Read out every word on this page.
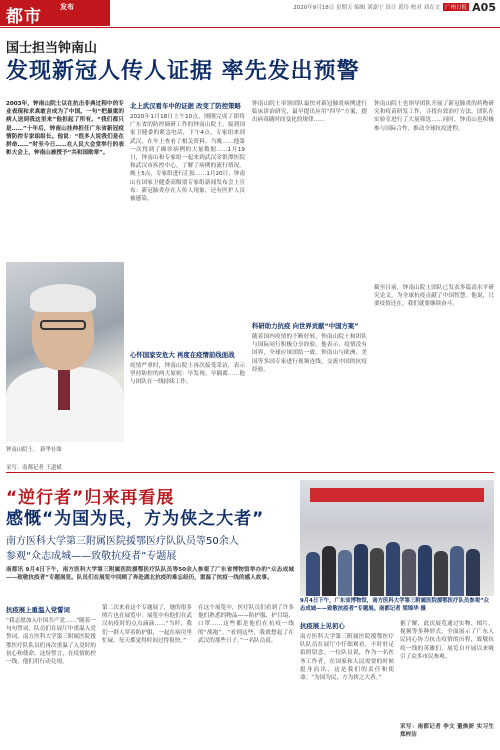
都市	发布	2020年9月18日 星期五 编辑 刘嘉宁 设计 黄玲 校对 刘育文 广州日报 A05
国士担当钟南山
发现新冠人传人证据 率先发出预警
2003年，钟南山院士以在抗击非典过程中的专业表现和求真敢言成为了中国。一句“把最重的病人送到我这里来”他担起了所有。“我们都只是……”十年后，钟南山挂帅担任广东省新冠疫情防控专家组组长。他说：“很多人说我们是在拼命……”时至今日……在人民大会堂举行的表彰大会上，钟南山被授予“共和国勋章”。
钟南山院士。 新华社图
采写：南都记者 王道斌
北上武汉看车中的证据 改变了防控策略
2020年1月18日上午10点，刚刚完成了即将广东省的防控调研工作的钟南山院士，接到国家卫健委的紧急电话，下午4点，专家组来到武汉，在车上查看了相关资料。当晚……他第一次得到了确诊病例的大量数据……1月19日，钟南山和专家组一起来到武汉金银潭医院和武汉市疾控中心，了解了病例的流行情况。晚上5点，专家组进行汇报……1月20日，钟南山在国家卫健委高级别专家组新闻发布会上宣布：新冠肺炎存在人传人现象，还有医护人员被感染。
心怀国家安危大 再度在疫情前线面战
疫情严重时，钟南山院士再次接受采访，表示坚持防控的两大原则：早发现、早隔离……他与团队在一线持续工作。
钟南山院士率领团队最快对新冠肺炎病例进行临床诊治研究，最早提出应用“四早”方案，提出病毒随时间变化的规律……
科研助力抗疫 向世界贡献“中国方案”
随着国内疫情的不断好转，钟南山院士和团队与国际同行积极分享经验。他表示，疫情没有国界，全球应该团结一致。钟南山与欧洲、美国等多国专家进行视频连线，交流中国的抗疫经验。
钟南山院士也领导团队开展了新冠肺炎的药物研究和疫苗研发工作，寻找有效治疗方法。团队在实验室进行了大量筛选……同时，钟南山也积极参与国际合作，推动全球抗疫进程。
截至目前，钟南山院士团队已发表多篇高水平研究论文，为全球抗疫贡献了中国智慧。他说，只要疫情还在，我们就要继续奋斗。
“逆行者”归来再看展
感慨“为国为民，方为侠之大者”
南方医科大学第三附属医院援鄂医疗队队员等50余人
参观“众志成城——致敬抗疫者”专题展
南都讯 9月4日下午，南方医科大学第三附属医院援鄂医疗队队员等50余人参观了广东省博物馆举办的“众志成城——致敬抗疫者”专题展览。队员们在展览中回顾了奔赴湖北抗疫的难忘经历，重温了抗疫一线的感人故事。
9月4日下午，广东省博物馆，南方医科大学第三附属医院援鄂医疗队员参观“众志成城——致敬抗疫者”专题展。南都记者 梁锦华 摄
抗疫展上重温入党誓词
“我志愿加入中国共产党……”随着一句句誓词，队员们在展厅中重温入党誓词。南方医科大学第三附属医院援鄂医疗队队员们再次重温了入党时的初心和使命。这份誓言，在疫情防控一线，他们用行动兑现。
第二次来看这个专题展了，她的很多照片也在展览中。展览中有他们在武汉抗疫时的点点滴滴……“当时，我们一群人穿着防护服，一起在病房里忙碌，每天都觉得时间过得很快。”
在这个展览中，医疗队员们看到了许多他们熟悉的物品——防护服、护目镜、口罩……这些都是他们在抗疫一线的“战袍”。“看到这些，我就想起了在武汉的那些日子。”一名队员说。
抗疫展上见初心
南方医科大学第三附属医院援鄂医疗队队员在展厅中仔细观看，不时驻足拍照留念。一位队员说，作为一名医务工作者，在国家和人民需要的时候挺身而出，这是我们的责任和使命。“为国为民，方为侠之大者。”
据了解，此次展览通过实物、图片、视频等多种形式，全面展示了广东人民同心协力抗击疫情的历程，致敬抗疫一线的英雄们。展览自开展以来吸引了众多市民参观。
采写：南都记者 李文 董焕妍 实习生 郑梓洁
